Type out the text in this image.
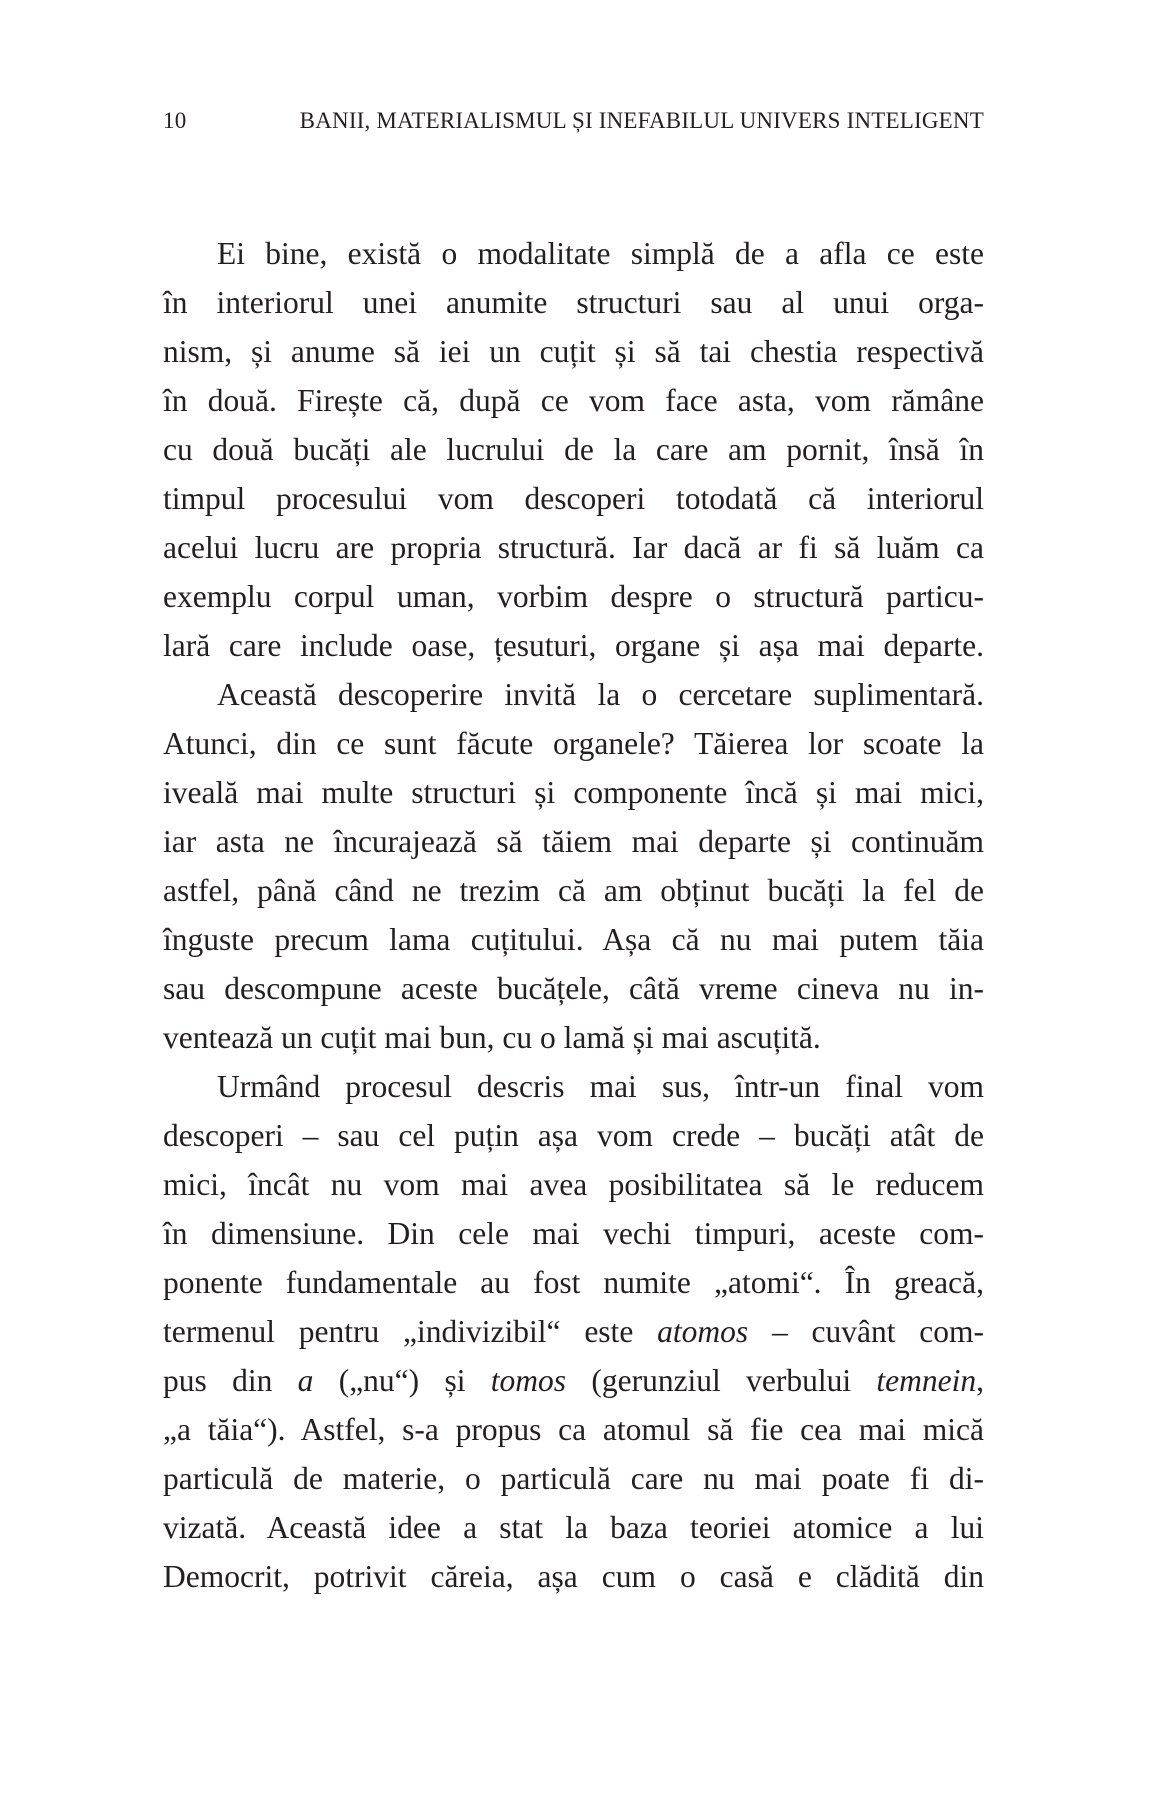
10	BANII, MATERIALISMUL ȘI INEFABILUL UNIVERS INTELIGENT
Ei bine, există o modalitate simplă de a afla ce este
în interiorul unei anumite structuri sau al unui orga-
nism, și anume să iei un cuțit și să tai chestia respectivă
în două. Firește că, după ce vom face asta, vom rămâne
cu două bucăți ale lucrului de la care am pornit, însă în
timpul procesului vom descoperi totodată că interiorul
acelui lucru are propria structură. Iar dacă ar fi să luăm ca
exemplu corpul uman, vorbim despre o structură particu-
lară care include oase, țesuturi, organe și așa mai departe.
Această descoperire invită la o cercetare suplimentară.
Atunci, din ce sunt făcute organele? Tăierea lor scoate la
iveală mai multe structuri și componente încă și mai mici,
iar asta ne încurajează să tăiem mai departe și continuăm
astfel, până când ne trezim că am obținut bucăți la fel de
înguste precum lama cuțitului. Așa că nu mai putem tăia
sau descompune aceste bucățele, câtă vreme cineva nu in-
ventează un cuțit mai bun, cu o lamă și mai ascuțită.
Urmând procesul descris mai sus, într-un final vom
descoperi – sau cel puțin așa vom crede – bucăți atât de
mici, încât nu vom mai avea posibilitatea să le reducem
în dimensiune. Din cele mai vechi timpuri, aceste com-
ponente fundamentale au fost numite „atomi“. În greacă,
termenul pentru „indivizibil“ este atomos – cuvânt com-
pus din a („nu“) și tomos (gerunziul verbului temnein,
„a tăia“). Astfel, s-a propus ca atomul să fie cea mai mică
particulă de materie, o particulă care nu mai poate fi di-
vizată. Această idee a stat la baza teoriei atomice a lui
Democrit, potrivit căreia, așa cum o casă e clădită din
